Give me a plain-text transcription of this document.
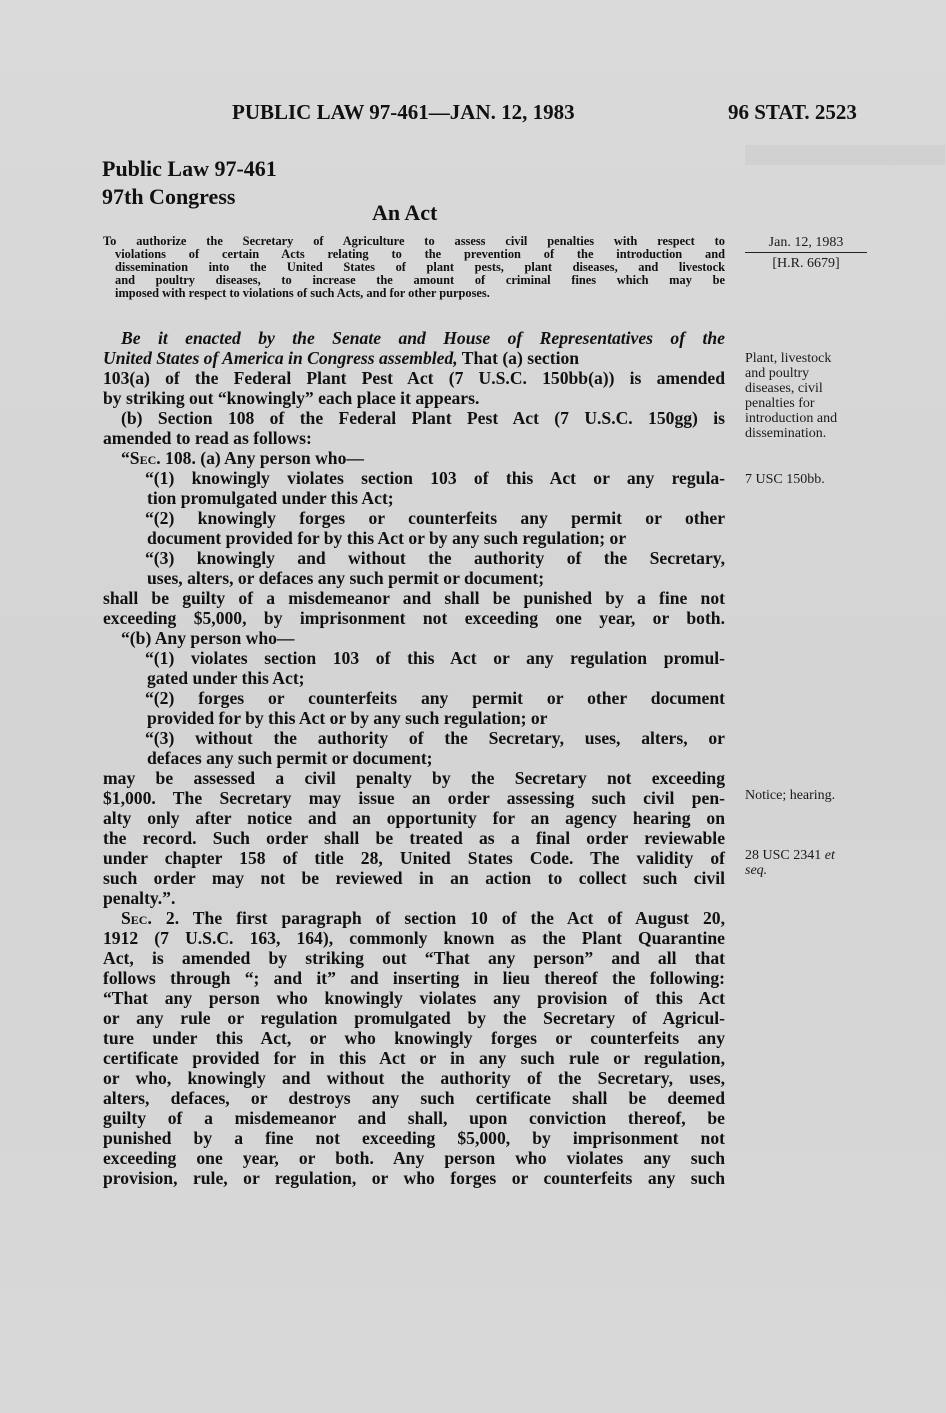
PUBLIC LAW 97-461—JAN. 12, 1983	96 STAT. 2523
Public Law 97-461
97th Congress
An Act
To authorize the Secretary of Agriculture to assess civil penalties with respect to
violations of certain Acts relating to the prevention of the introduction and
dissemination into the United States of plant pests, plant diseases, and livestock
and poultry diseases, to increase the amount of criminal fines which may be
imposed with respect to violations of such Acts, and for other purposes.
Jan. 12, 1983
[H.R. 6679]
Plant, livestock
and poultry
diseases, civil
penalties for
introduction and
dissemination.
7 USC 150bb.
Notice; hearing.
28 USC 2341 et
seq.
Be it enacted by the Senate and House of Representatives of the
United States of America in Congress assembled, That (a) section
103(a) of the Federal Plant Pest Act (7 U.S.C. 150bb(a)) is amended
by striking out “knowingly” each place it appears.
(b) Section 108 of the Federal Plant Pest Act (7 U.S.C. 150gg) is
amended to read as follows:
“Sec. 108. (a) Any person who—
“(1) knowingly violates section 103 of this Act or any regula-
tion promulgated under this Act;
“(2) knowingly forges or counterfeits any permit or other
document provided for by this Act or by any such regulation; or
“(3) knowingly and without the authority of the Secretary,
uses, alters, or defaces any such permit or document;
shall be guilty of a misdemeanor and shall be punished by a fine not
exceeding $5,000, by imprisonment not exceeding one year, or both.
“(b) Any person who—
“(1) violates section 103 of this Act or any regulation promul-
gated under this Act;
“(2) forges or counterfeits any permit or other document
provided for by this Act or by any such regulation; or
“(3) without the authority of the Secretary, uses, alters, or
defaces any such permit or document;
may be assessed a civil penalty by the Secretary not exceeding
$1,000. The Secretary may issue an order assessing such civil pen-
alty only after notice and an opportunity for an agency hearing on
the record. Such order shall be treated as a final order reviewable
under chapter 158 of title 28, United States Code. The validity of
such order may not be reviewed in an action to collect such civil
penalty.”.
Sec. 2. The first paragraph of section 10 of the Act of August 20,
1912 (7 U.S.C. 163, 164), commonly known as the Plant Quarantine
Act, is amended by striking out “That any person” and all that
follows through “; and it” and inserting in lieu thereof the following:
“That any person who knowingly violates any provision of this Act
or any rule or regulation promulgated by the Secretary of Agricul-
ture under this Act, or who knowingly forges or counterfeits any
certificate provided for in this Act or in any such rule or regulation,
or who, knowingly and without the authority of the Secretary, uses,
alters, defaces, or destroys any such certificate shall be deemed
guilty of a misdemeanor and shall, upon conviction thereof, be
punished by a fine not exceeding $5,000, by imprisonment not
exceeding one year, or both. Any person who violates any such
provision, rule, or regulation, or who forges or counterfeits any such
